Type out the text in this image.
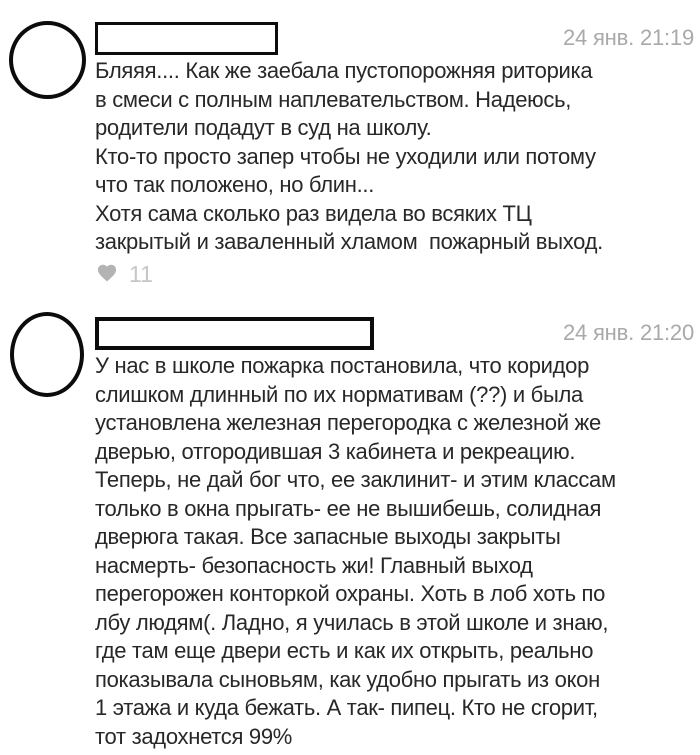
24 янв. 21:19
Бляяя.... Как же заебала пустопорожняя риторика
в смеси с полным наплевательством. Надеюсь,
родители подадут в суд на школу.
Кто-то просто запер чтобы не уходили или потому
что так положено, но блин...
Хотя сама сколько раз видела во всяких ТЦ
закрытый и заваленный хламом  пожарный выход.
11
24 янв. 21:20
У нас в школе пожарка постановила, что коридор
слишком длинный по их нормативам (??) и была
установлена железная перегородка с железной же
дверью, отгородившая 3 кабинета и рекреацию.
Теперь, не дай бог что, ее заклинит- и этим классам
только в окна прыгать- ее не вышибешь, солидная
дверюга такая. Все запасные выходы закрыты
насмерть- безопасность жи! Главный выход
перегорожен конторкой охраны. Хоть в лоб хоть по
лбу людям(. Ладно, я училась в этой школе и знаю,
где там еще двери есть и как их открыть, реально
показывала сыновьям, как удобно прыгать из окон
1 этажа и куда бежать. А так- пипец. Кто не сгорит,
тот задохнется 99%
